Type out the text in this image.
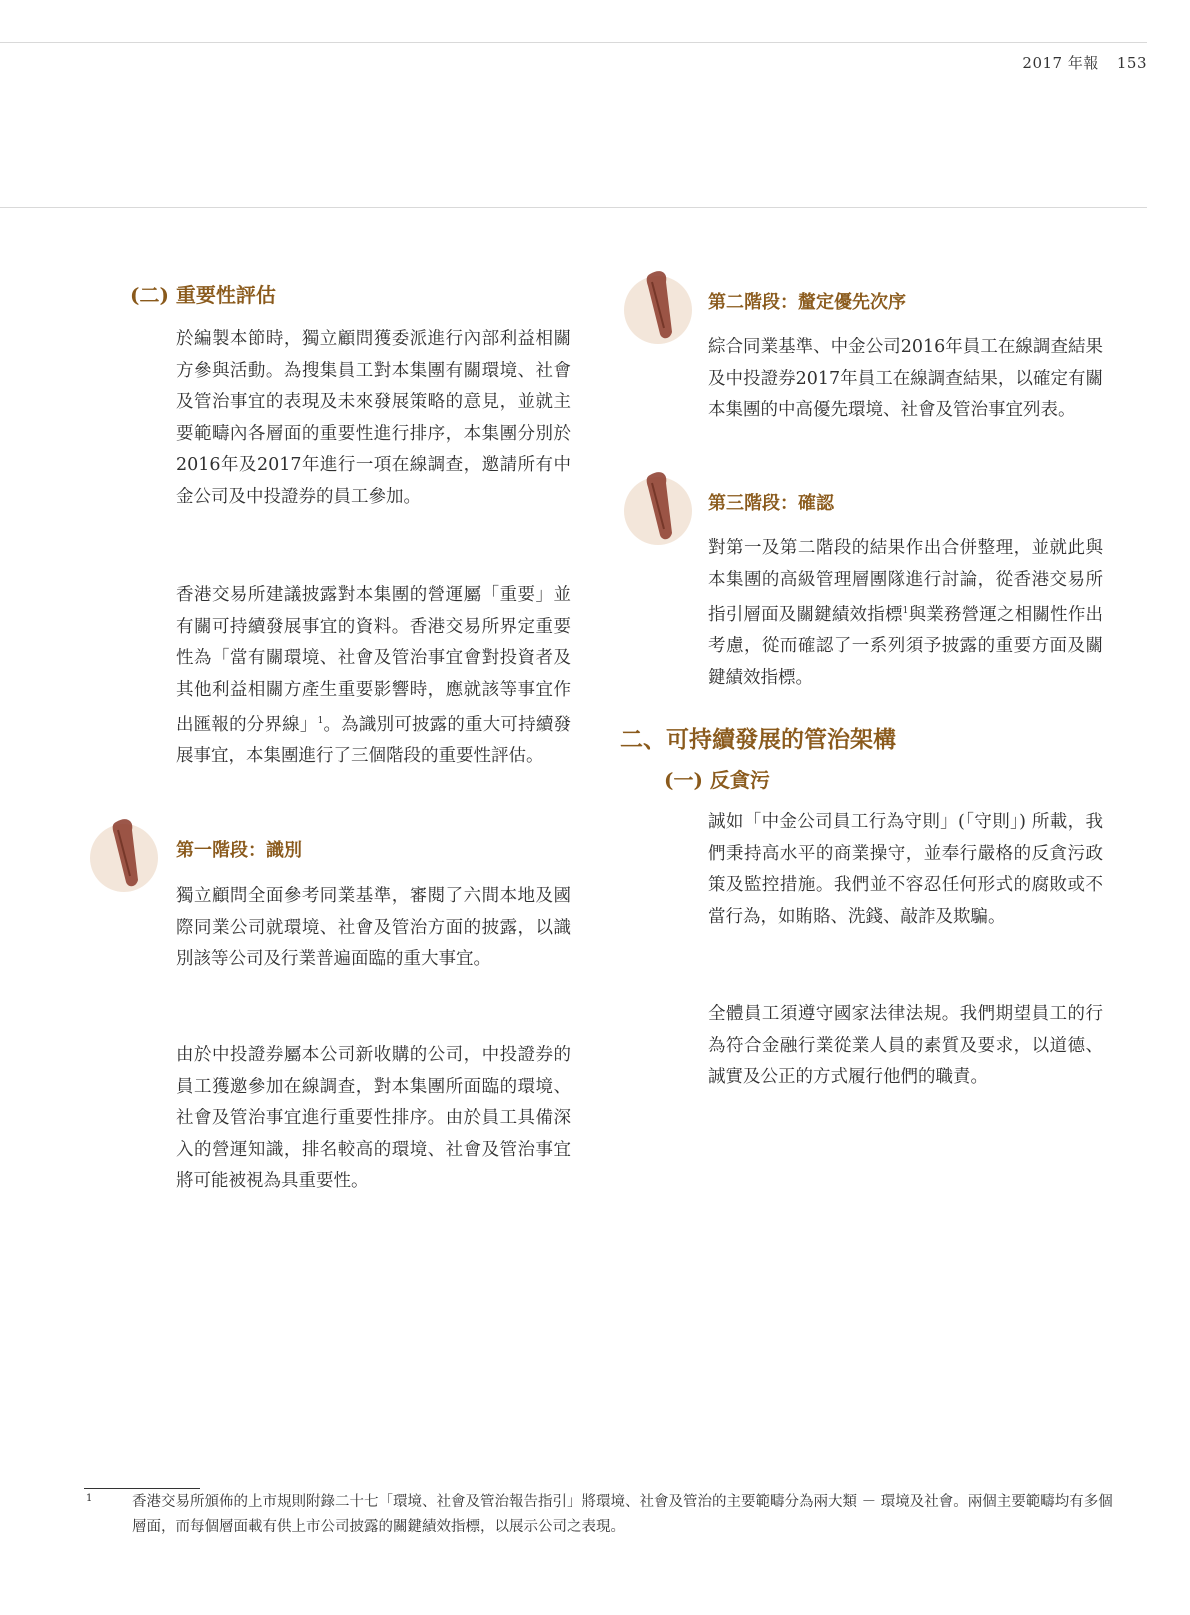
2017 年報 153
(二) 重要性評估
於編製本節時，獨立顧問獲委派進行內部利益相關方參與活動。為搜集員工對本集團有關環境、社會及管治事宜的表現及未來發展策略的意見，並就主要範疇內各層面的重要性進行排序，本集團分別於2016年及2017年進行一項在線調查，邀請所有中金公司及中投證券的員工參加。
香港交易所建議披露對本集團的營運屬「重要」並有關可持續發展事宜的資料。香港交易所界定重要性為「當有關環境、社會及管治事宜會對投資者及其他利益相關方產生重要影響時，應就該等事宜作出匯報的分界線」$^1$。為識別可披露的重大可持續發展事宜，本集團進行了三個階段的重要性評估。
第一階段：識別
獨立顧問全面參考同業基準，審閱了六間本地及國際同業公司就環境、社會及管治方面的披露，以識別該等公司及行業普遍面臨的重大事宜。
由於中投證券屬本公司新收購的公司，中投證券的員工獲邀參加在線調查，對本集團所面臨的環境、社會及管治事宜進行重要性排序。由於員工具備深入的營運知識，排名較高的環境、社會及管治事宜將可能被視為具重要性。
第二階段：釐定優先次序
綜合同業基準、中金公司2016年員工在線調查結果及中投證券2017年員工在線調查結果，以確定有關本集團的中高優先環境、社會及管治事宜列表。
第三階段：確認
對第一及第二階段的結果作出合併整理，並就此與本集團的高級管理層團隊進行討論，從香港交易所指引層面及關鍵績效指標$^1$與業務營運之相關性作出考慮，從而確認了一系列須予披露的重要方面及關鍵績效指標。
二、可持續發展的管治架構
(一) 反貪污
誠如「中金公司員工行為守則」(「守則」) 所載，我們秉持高水平的商業操守，並奉行嚴格的反貪污政策及監控措施。我們並不容忍任何形式的腐敗或不當行為，如賄賂、洗錢、敲詐及欺騙。
全體員工須遵守國家法律法規。我們期望員工的行為符合金融行業從業人員的素質及要求，以道德、誠實及公正的方式履行他們的職責。
1	香港交易所頒佈的上市規則附錄二十七「環境、社會及管治報告指引」將環境、社會及管治的主要範疇分為兩大類 － 環境及社會。兩個主要範疇均有多個層面，而每個層面載有供上市公司披露的關鍵績效指標，以展示公司之表現。
